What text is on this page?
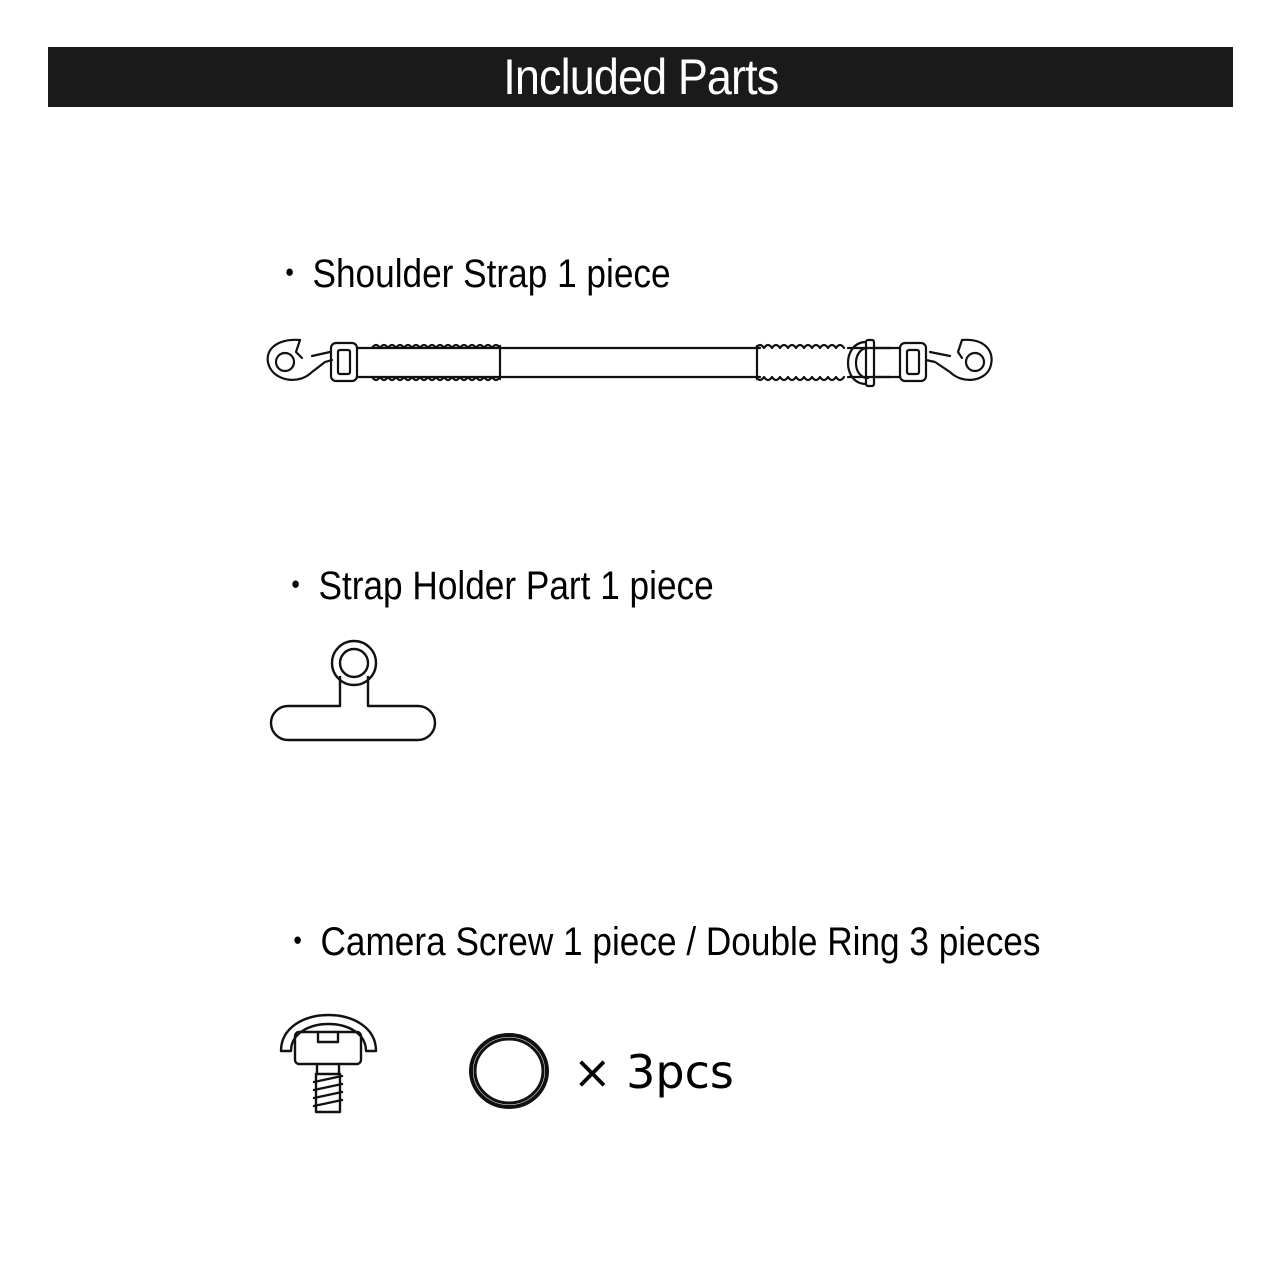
Included Parts
・ Shoulder Strap 1 piece
・ Strap Holder Part 1 piece
・ Camera Screw 1 piece / Double Ring 3 pieces
× 3pcs
